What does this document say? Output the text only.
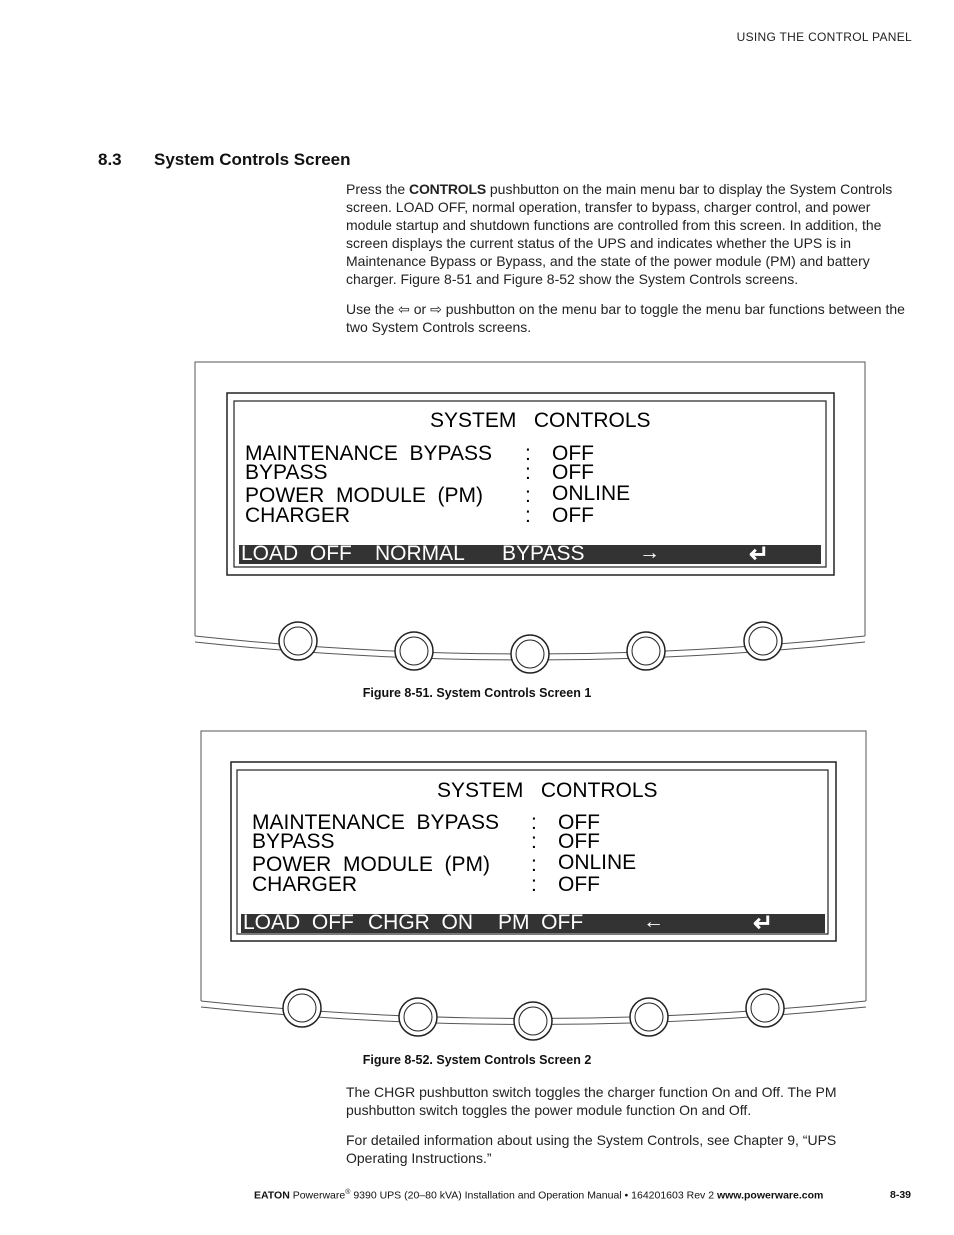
USING THE CONTROL PANEL
8.3 System Controls Screen

Press the CONTROLS pushbutton on the main menu bar to display the System Controls screen. LOAD OFF, normal operation, transfer to bypass, charger control, and power module startup and shutdown functions are controlled from this screen. In addition, the screen displays the current status of the UPS and indicates whether the UPS is in Maintenance Bypass or Bypass, and the state of the power module (PM) and battery charger. Figure 8-51 and Figure 8-52 show the System Controls screens.

Use the ⇦ or ⇨ pushbutton on the menu bar to toggle the menu bar functions between the two System Controls screens.

SYSTEM   CONTROLS
MAINTENANCE  BYPASS : OFF
BYPASS	: OFF
POWER  MODULE  (PM) : ONLINE
CHARGER	: OFF

LOAD  OFF

NORMAL

BYPASS

	→

	↵

Figure 8-51. System Controls Screen 1
SYSTEM   CONTROLS
MAINTENANCE  BYPASS : OFF
BYPASS	: OFF
POWER  MODULE  (PM) : ONLINE
CHARGER	: OFF

LOAD  OFF

CHGR  ON

PM  OFF

	←

	↵

Figure 8-52. System Controls Screen 2

The CHGR pushbutton switch toggles the charger function On and Off. The PM pushbutton switch toggles the power module function On and Off.

For detailed information about using the System Controls, see Chapter 9, “UPS Operating Instructions.”

EATON Powerware® 9390 UPS (20–80 kVA) Installation and Operation Manual • 164201603 Rev 2 www.powerware.com	8-39
